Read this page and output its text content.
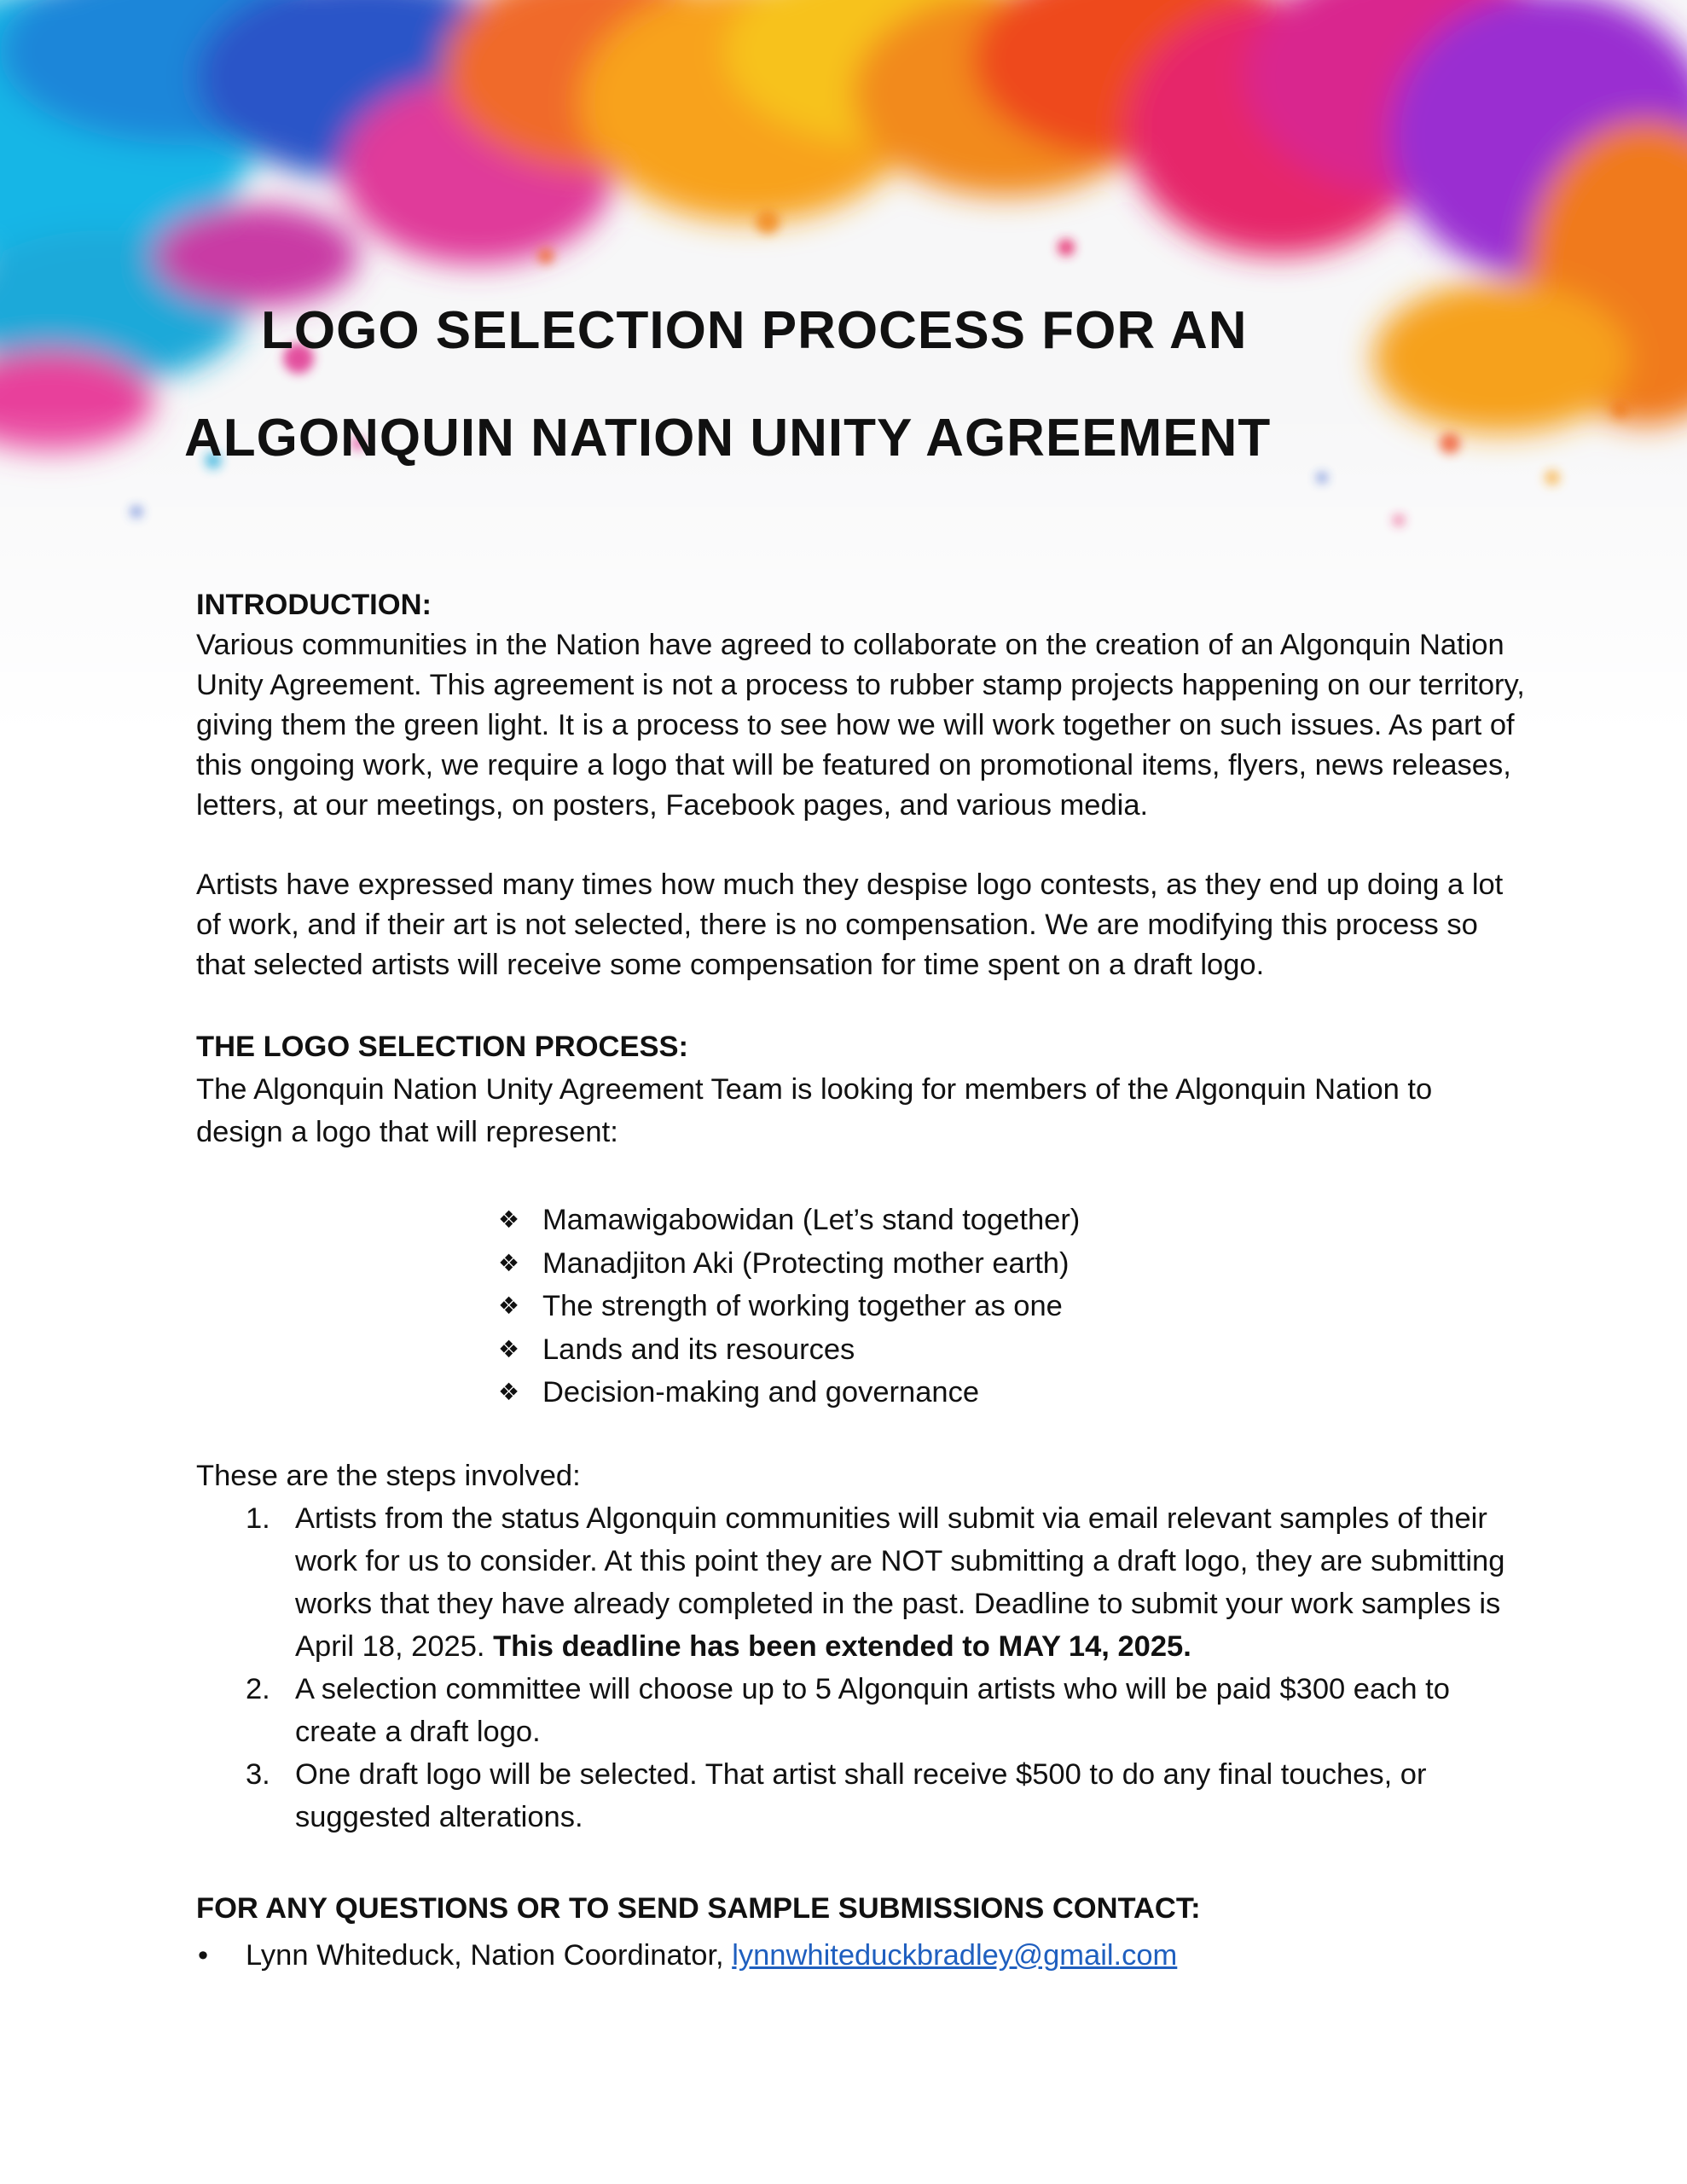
LOGO SELECTION PROCESS FOR AN
ALGONQUIN NATION UNITY AGREEMENT

INTRODUCTION:

Various communities in the Nation have agreed to collaborate on the creation of an Algonquin Nation Unity Agreement. This agreement is not a process to rubber stamp projects happening on our territory, giving them the green light. It is a process to see how we will work together on such issues. As part of this ongoing work, we require a logo that will be featured on promotional items, flyers, news releases, letters, at our meetings, on posters, Facebook pages, and various media.

Artists have expressed many times how much they despise logo contests, as they end up doing a lot of work, and if their art is not selected, there is no compensation. We are modifying this process so that selected artists will receive some compensation for time spent on a draft logo.

THE LOGO SELECTION PROCESS:

The Algonquin Nation Unity Agreement Team is looking for members of the Algonquin Nation to design a logo that will represent:

❖ Mamawigabowidan (Let’s stand together)
❖ Manadjiton Aki (Protecting mother earth)
❖ The strength of working together as one
❖ Lands and its resources
❖ Decision-making and governance

These are the steps involved:

1. Artists from the status Algonquin communities will submit via email relevant samples of their work for us to consider. At this point they are NOT submitting a draft logo, they are submitting works that they have already completed in the past. Deadline to submit your work samples is April 18, 2025. This deadline has been extended to MAY 14, 2025.
2. A selection committee will choose up to 5 Algonquin artists who will be paid $300 each to create a draft logo.
3. One draft logo will be selected. That artist shall receive $500 to do any final touches, or suggested alterations.

FOR ANY QUESTIONS OR TO SEND SAMPLE SUBMISSIONS CONTACT:

• Lynn Whiteduck, Nation Coordinator, lynnwhiteduckbradley@gmail.com
